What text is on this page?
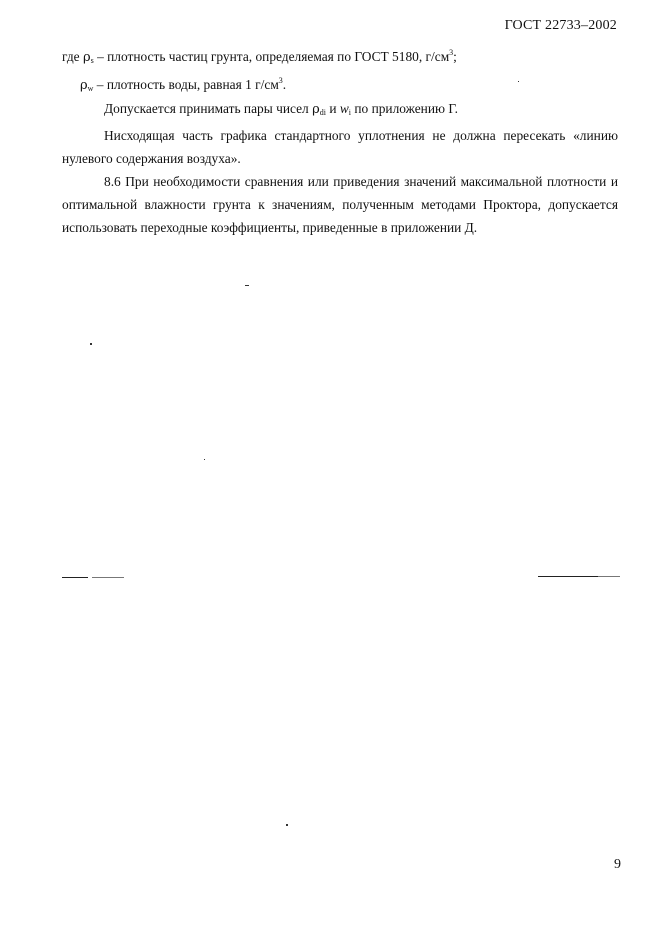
ГОСТ 22733–2002
где $\rho_s$ – плотность частиц грунта, определяемая по ГОСТ 5180, $г/см^3$;
$\rho_w$ – плотность воды, равная 1 $г/см^3$.
Допускается принимать пары чисел $\rho_{di}$ и $w_i$ по приложению Г.
Нисходящая часть графика стандартного уплотнения не должна пересекать «линию
нулевого содержания воздуха».
8.6 При необходимости сравнения или приведения значений максимальной плотности и
оптимальной влажности грунта к значениям, полученным методами Проктора, допускается
использовать переходные коэффициенты, приведенные в приложении Д.
9
